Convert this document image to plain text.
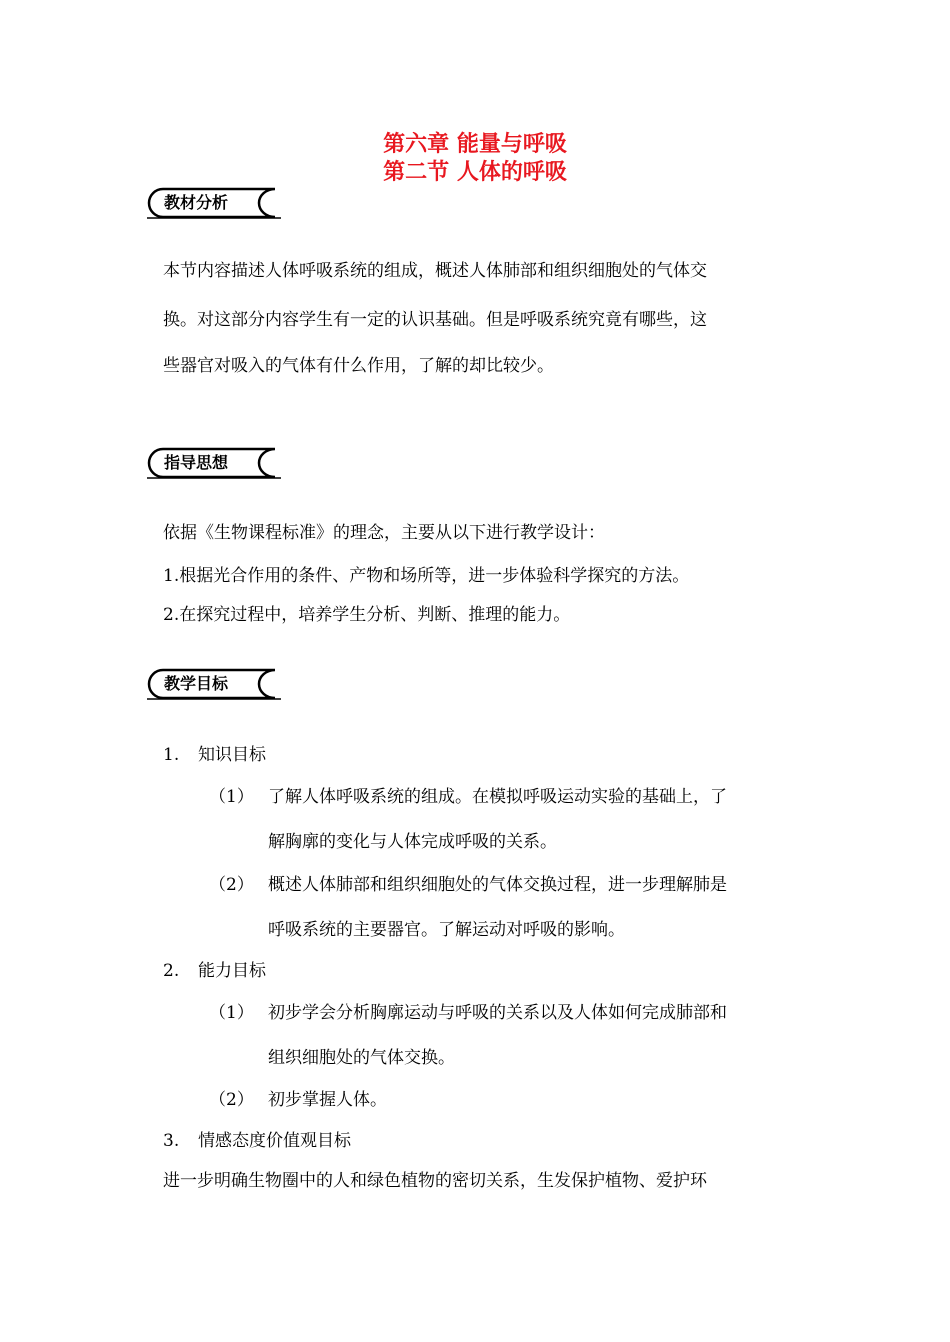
第六章 能量与呼吸
第二节 人体的呼吸
教材分析

本节内容描述人体呼吸系统的组成，概述人体肺部和组织细胞处的气体交

换。对这部分内容学生有一定的认识基础。但是呼吸系统究竟有哪些，这

些器官对吸入的气体有什么作用，了解的却比较少。

指导思想

依据《生物课程标准》的理念，主要从以下进行教学设计：

1.根据光合作用的条件、产物和场所等，进一步体验科学探究的方法。

2.在探究过程中，培养学生分析、判断、推理的能力。

教学目标
1. 知识目标
（1） 了解人体呼吸系统的组成。在模拟呼吸运动实验的基础上，了
解胸廓的变化与人体完成呼吸的关系。
（2） 概述人体肺部和组织细胞处的气体交换过程，进一步理解肺是
呼吸系统的主要器官。了解运动对呼吸的影响。
2. 能力目标
（1） 初步学会分析胸廓运动与呼吸的关系以及人体如何完成肺部和
组织细胞处的气体交换。
（2） 初步掌握人体。
3. 情感态度价值观目标

进一步明确生物圈中的人和绿色植物的密切关系，生发保护植物、爱护环
